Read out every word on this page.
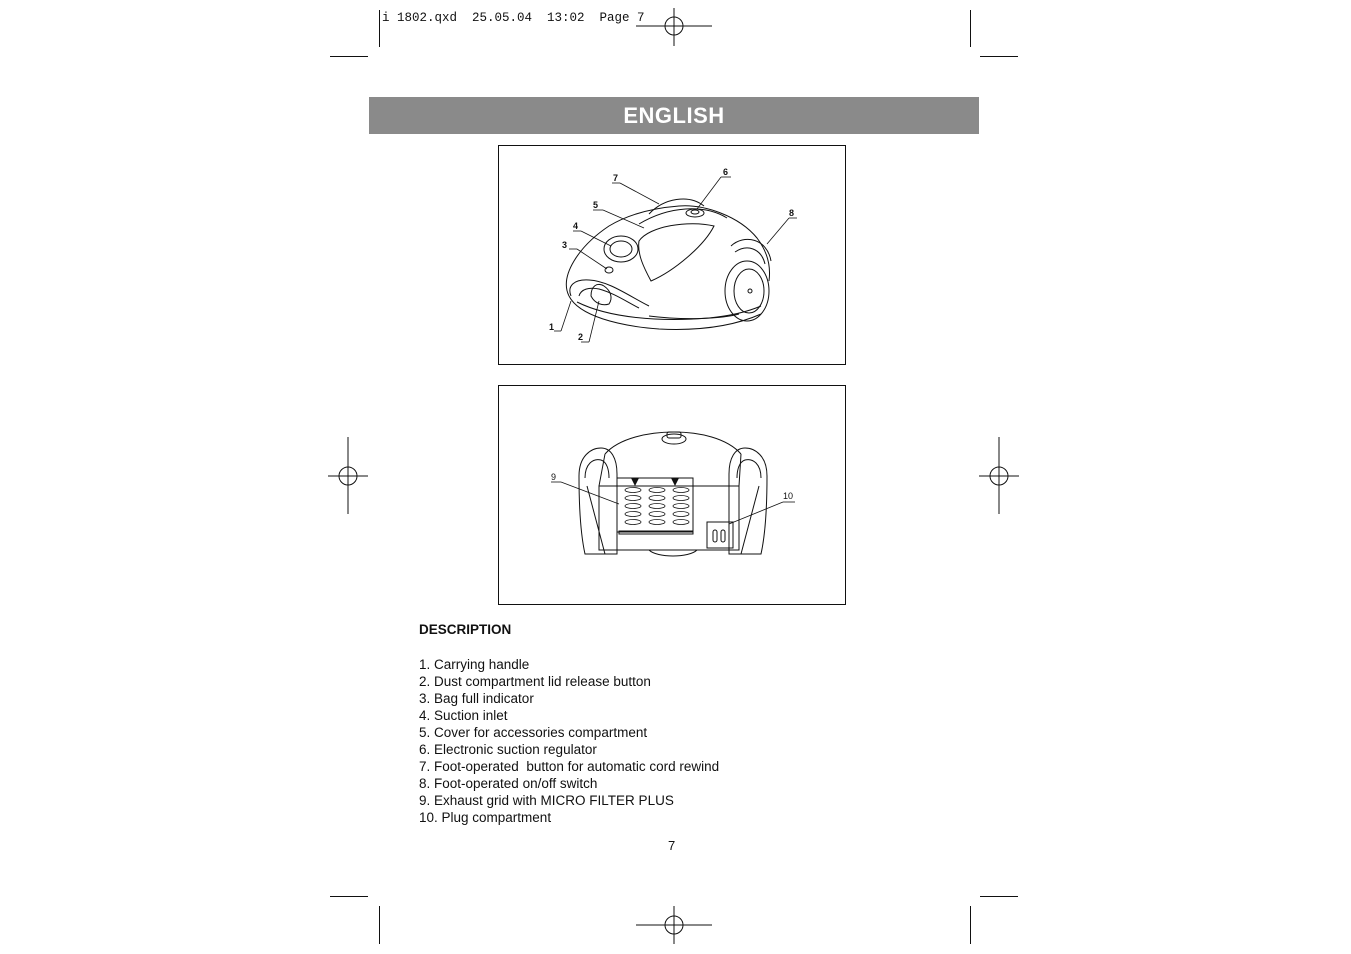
i 1802.qxd  25.05.04  13:02  Page 7
ENGLISH
1
2
3
4
5
7
6
8
9
10
DESCRIPTION
1. Carrying handle
2. Dust compartment lid release button
3. Bag full indicator
4. Suction inlet
5. Cover for accessories compartment
6. Electronic suction regulator
7. Foot-operated  button for automatic cord rewind
8. Foot-operated on/off switch
9. Exhaust grid with MICRO FILTER PLUS
10. Plug compartment
7
